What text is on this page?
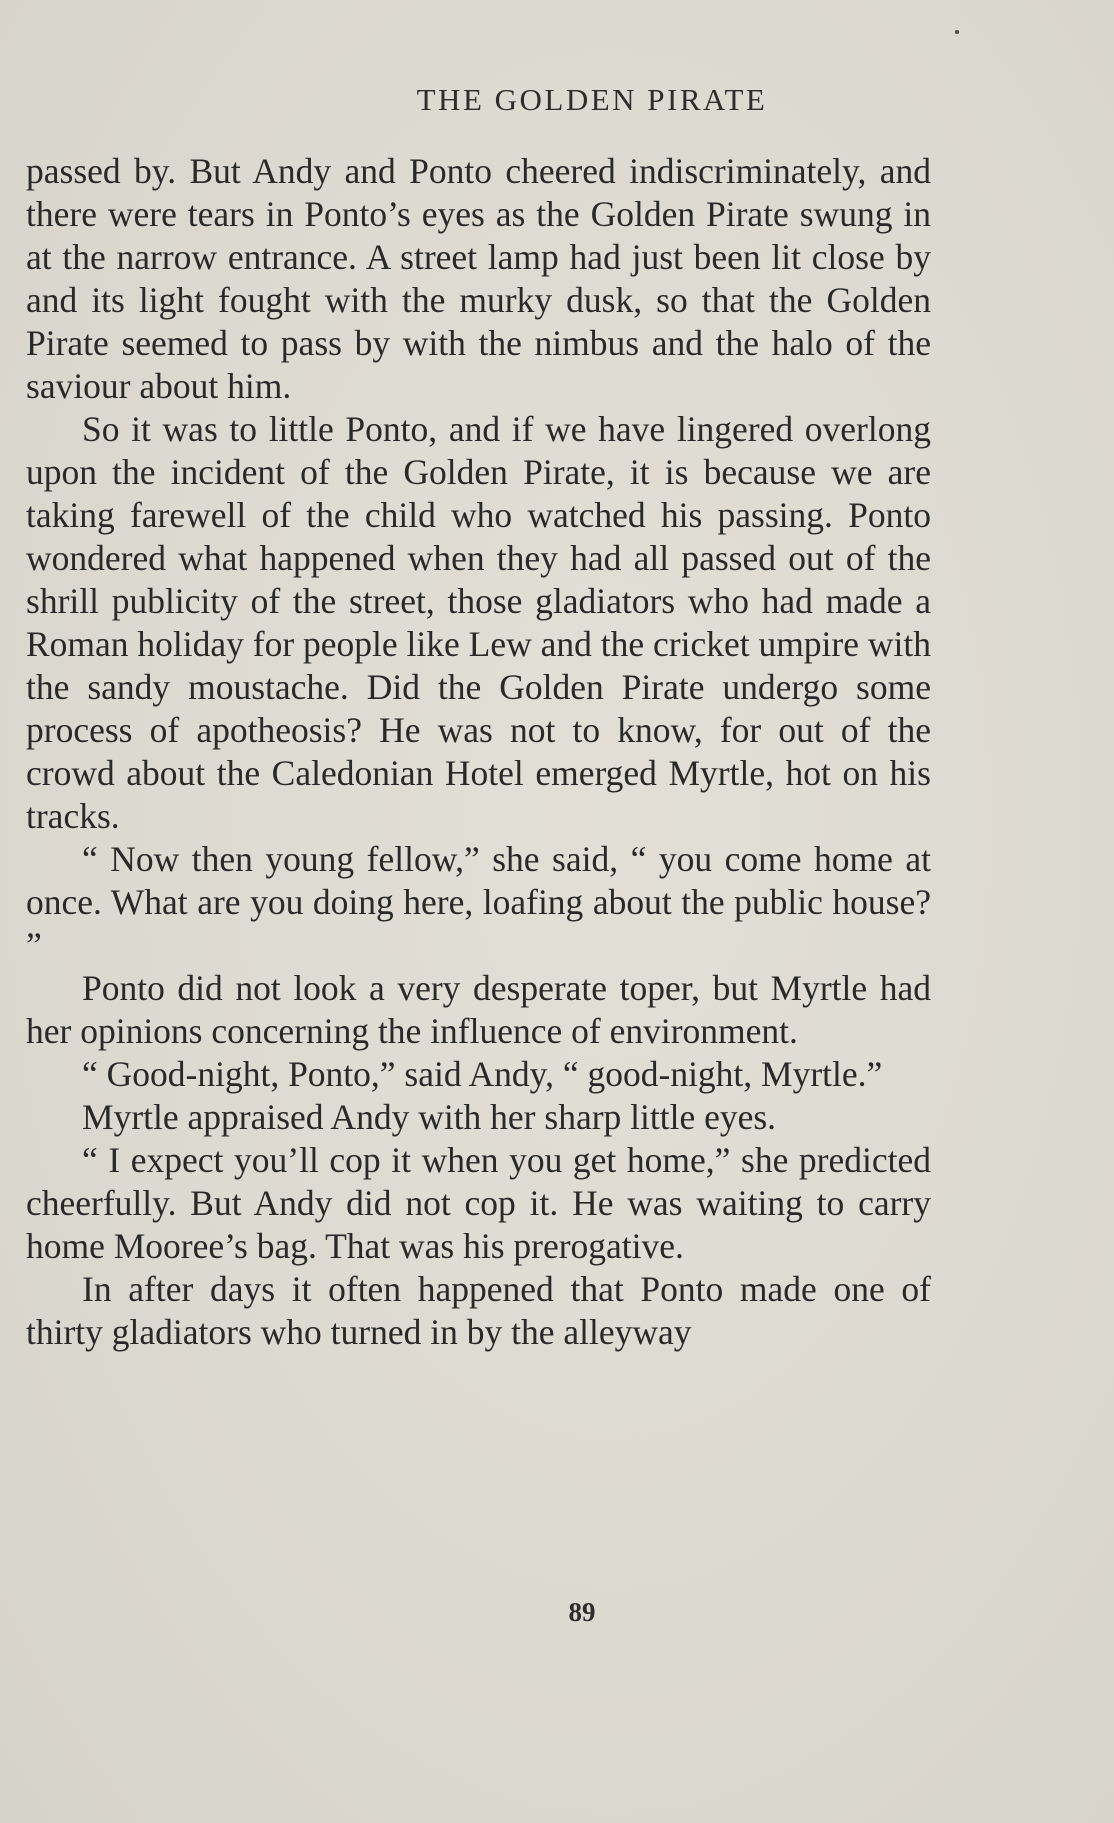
THE GOLDEN PIRATE

passed by. But Andy and Ponto cheered indiscriminately, and there were tears in Ponto’s eyes as the Golden Pirate swung in at the narrow entrance. A street lamp had just been lit close by and its light fought with the murky dusk, so that the Golden Pirate seemed to pass by with the nimbus and the halo of the saviour about him.

So it was to little Ponto, and if we have lingered overlong upon the incident of the Golden Pirate, it is because we are taking farewell of the child who watched his passing. Ponto wondered what happened when they had all passed out of the shrill publicity of the street, those gladiators who had made a Roman holiday for people like Lew and the cricket umpire with the sandy moustache. Did the Golden Pirate undergo some process of apotheosis? He was not to know, for out of the crowd about the Caledonian Hotel emerged Myrtle, hot on his tracks.

“ Now then young fellow,” she said, “ you come home at once. What are you doing here, loafing about the public house? ”

Ponto did not look a very desperate toper, but Myrtle had her opinions concerning the influence of environment.

“ Good-night, Ponto,” said Andy, “ good-night, Myrtle.”

Myrtle appraised Andy with her sharp little eyes.

“ I expect you’ll cop it when you get home,” she predicted cheerfully. But Andy did not cop it. He was waiting to carry home Mooree’s bag. That was his prerogative.

In after days it often happened that Ponto made one of thirty gladiators who turned in by the alleyway

89
